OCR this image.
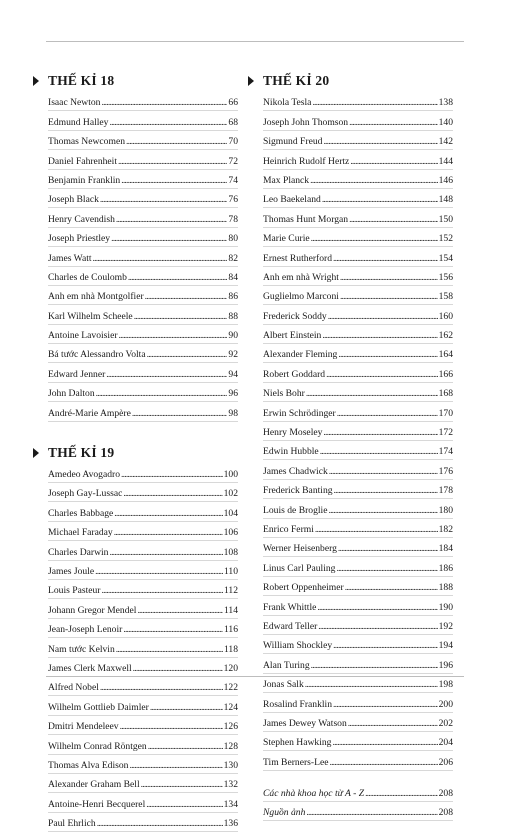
THẾ KỈ 18
Isaac Newton . . .	66
Edmund Halley . . .	68
Thomas Newcomen . . .	70
Daniel Fahrenheit . . .	72
Benjamin Franklin . . .	74
Joseph Black . . .	76
Henry Cavendish . . .	78
Joseph Priestley . . .	80
James Watt . . .	82
Charles de Coulomb . . .	84
Anh em nhà Montgolfier . . .	86
Karl Wilhelm Scheele . . .	88
Antoine Lavoisier . . .	90
Bá tước Alessandro Volta . . .	92
Edward Jenner . . .	94
John Dalton . . .	96
André-Marie Ampère . . .	98
THẾ KỈ 19
Amedeo Avogadro . . .	100
Joseph Gay-Lussac . . .	102
Charles Babbage . . .	104
Michael Faraday . . .	106
Charles Darwin . . .	108
James Joule . . .	110
Louis Pasteur . . .	112
Johann Gregor Mendel . . .	114
Jean-Joseph Lenoir . . .	116
Nam tước Kelvin . . .	118
James Clerk Maxwell . . .	120
Alfred Nobel . . .	122
Wilhelm Gottlieb Daimler . . .	124
Dmitri Mendeleev . . .	126
Wilhelm Conrad Röntgen . . .	128
Thomas Alva Edison . . .	130
Alexander Graham Bell . . .	132
Antoine-Henri Becquerel . . .	134
Paul Ehrlich . . .	136
THẾ KỈ 20
Nikola Tesla . . .	138
Joseph John Thomson . . .	140
Sigmund Freud . . .	142
Heinrich Rudolf Hertz . . .	144
Max Planck . . .	146
Leo Baekeland . . .	148
Thomas Hunt Morgan . . .	150
Marie Curie . . .	152
Ernest Rutherford . . .	154
Anh em nhà Wright . . .	156
Guglielmo Marconi . . .	158
Frederick Soddy . . .	160
Albert Einstein . . .	162
Alexander Fleming . . .	164
Robert Goddard . . .	166
Niels Bohr . . .	168
Erwin Schrödinger . . .	170
Henry Moseley . . .	172
Edwin Hubble . . .	174
James Chadwick . . .	176
Frederick Banting . . .	178
Louis de Broglie . . .	180
Enrico Fermi . . .	182
Werner Heisenberg . . .	184
Linus Carl Pauling . . .	186
Robert Oppenheimer . . .	188
Frank Whittle . . .	190
Edward Teller . . .	192
William Shockley . . .	194
Alan Turing . . .	196
Jonas Salk . . .	198
Rosalind Franklin . . .	200
James Dewey Watson . . .	202
Stephen Hawking . . .	204
Tim Berners-Lee . . .	206
Các nhà khoa học từ A - Z . . .	208
Nguồn ảnh . . .	208
